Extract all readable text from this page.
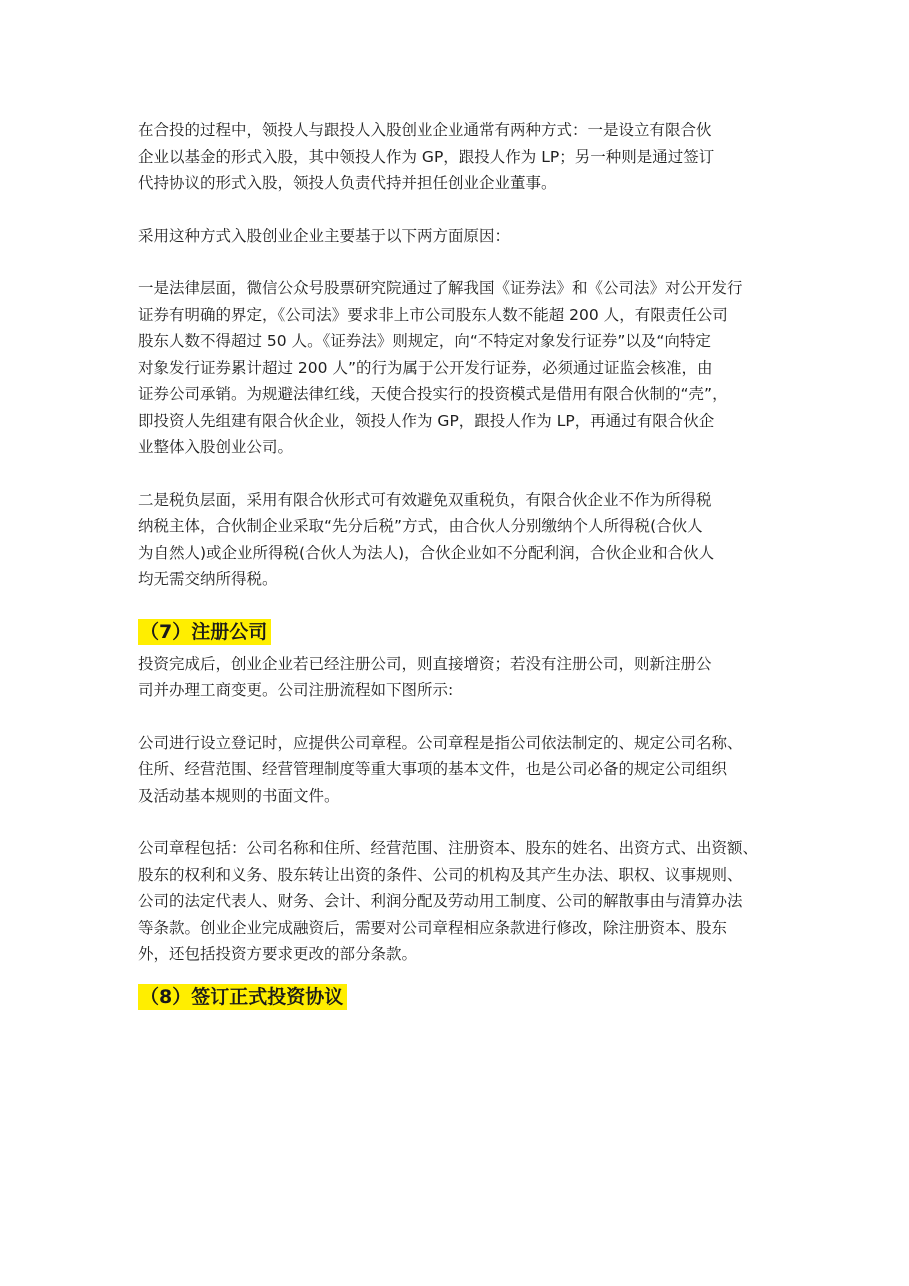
在合投的过程中，领投人与跟投人入股创业企业通常有两种方式：一是设立有限合伙
企业以基金的形式入股，其中领投人作为 GP，跟投人作为 LP；另一种则是通过签订
代持协议的形式入股，领投人负责代持并担任创业企业董事。

采用这种方式入股创业企业主要基于以下两方面原因：

一是法律层面，微信公众号股票研究院通过了解我国《证券法》和《公司法》对公开发行
证券有明确的界定，《公司法》要求非上市公司股东人数不能超 200 人，有限责任公司
股东人数不得超过 50 人。《证券法》则规定，向“不特定对象发行证券”以及“向特定
对象发行证券累计超过 200 人”的行为属于公开发行证券，必须通过证监会核准，由
证券公司承销。为规避法律红线，天使合投实行的投资模式是借用有限合伙制的“壳”，
即投资人先组建有限合伙企业，领投人作为 GP，跟投人作为 LP，再通过有限合伙企
业整体入股创业公司。

二是税负层面，采用有限合伙形式可有效避免双重税负，有限合伙企业不作为所得税
纳税主体，合伙制企业采取“先分后税”方式，由合伙人分别缴纳个人所得税(合伙人
为自然人)或企业所得税(合伙人为法人)，合伙企业如不分配利润，合伙企业和合伙人
均无需交纳所得税。

（7）注册公司

投资完成后，创业企业若已经注册公司，则直接增资；若没有注册公司，则新注册公
司并办理工商变更。公司注册流程如下图所示:

公司进行设立登记时，应提供公司章程。公司章程是指公司依法制定的、规定公司名称、
住所、经营范围、经营管理制度等重大事项的基本文件，也是公司必备的规定公司组织
及活动基本规则的书面文件。

公司章程包括：公司名称和住所、经营范围、注册资本、股东的姓名、出资方式、出资额、
股东的权利和义务、股东转让出资的条件、公司的机构及其产生办法、职权、议事规则、
公司的法定代表人、财务、会计、利润分配及劳动用工制度、公司的解散事由与清算办法
等条款。创业企业完成融资后，需要对公司章程相应条款进行修改，除注册资本、股东
外，还包括投资方要求更改的部分条款。

（8）签订正式投资协议
